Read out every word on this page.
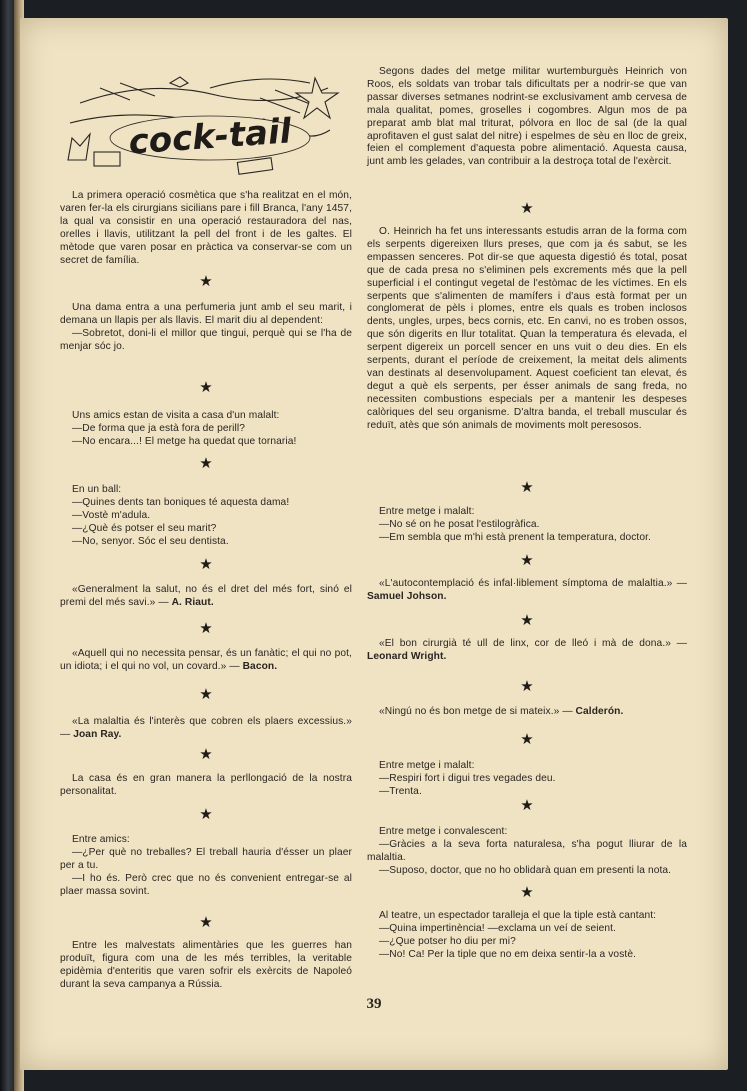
cock-tail

La primera operació cosmètica que s'ha realitzat en el món, varen fer-la els cirurgians sicilians pare i fill Branca, l'any 1457, la qual va consistir en una operació restauradora del nas, orelles i llavis, utilitzant la pell del front i de les galtes. El mètode que varen posar en pràctica va conservar-se com un secret de família.

Una dama entra a una perfumeria junt amb el seu marit, i demana un llapis per als llavis. El marit diu al dependent:

—Sobretot, doni-li el millor que tingui, perquè qui se l'ha de menjar sóc jo.

Uns amics estan de visita a casa d'un malalt:

—De forma que ja està fora de perill?

—No encara...! El metge ha quedat que tornaria!

En un ball:

—Quines dents tan boniques té aquesta dama!

—Vostè m'adula.

—¿Què és potser el seu marit?

—No, senyor. Sóc el seu dentista.

«Generalment la salut, no és el dret del més fort, sinó el premi del més savi.» — A. Riaut.

«Aquell qui no necessita pensar, és un fanàtic; el qui no pot, un idiota; i el qui no vol, un covard.» — Bacon.

«La malaltia és l'interès que cobren els plaers excessius.» — Joan Ray.

La casa és en gran manera la perllongació de la nostra personalitat.

Entre amics:

—¿Per què no treballes? El treball hauria d'ésser un plaer per a tu.

—I ho és. Però crec que no és convenient entregar-se al plaer massa sovint.

Entre les malvestats alimentàries que les guerres han produït, figura com una de les més terribles, la veritable epidèmia d'enteritis que varen sofrir els exèrcits de Napoleó durant la seva campanya a Rússia.

★
★
★
★
★
★
★
★
★

Segons dades del metge militar wurtemburguès Heinrich von Roos, els soldats van trobar tals dificultats per a nodrir-se que van passar diverses setmanes nodrint-se exclusivament amb cervesa de mala qualitat, pomes, groselles i cogombres. Algun mos de pa preparat amb blat mal triturat, pólvora en lloc de sal (de la qual aprofitaven el gust salat del nitre) i espelmes de sèu en lloc de greix, feien el complement d'aquesta pobre alimentació. Aquesta causa, junt amb les gelades, van contribuir a la destroça total de l'exèrcit.

O. Heinrich ha fet uns interessants estudis arran de la forma com els serpents digereixen llurs preses, que com ja és sabut, se les empassen senceres. Pot dir-se que aquesta digestió és total, posat que de cada presa no s'eliminen pels excrements més que la pell superficial i el contingut vegetal de l'estòmac de les víctimes. En els serpents que s'alimenten de mamífers i d'aus està format per un conglomerat de pèls i plomes, entre els quals es troben inclosos dents, ungles, urpes, becs cornis, etc. En canvi, no es troben ossos, que són digerits en llur totalitat. Quan la temperatura és elevada, el serpent digereix un porcell sencer en uns vuit o deu dies. En els serpents, durant el període de creixement, la meitat dels aliments van destinats al desenvolupament. Aquest coeficient tan elevat, és degut a què els serpents, per ésser animals de sang freda, no necessiten combustions especials per a mantenir les despeses calòriques del seu organisme. D'altra banda, el treball muscular és reduït, atès que són animals de moviments molt peresosos.

Entre metge i malalt:

—No sé on he posat l'estilogràfica.

—Em sembla que m'hi està prenent la temperatura, doctor.

«L'autocontemplació és infal·liblement símptoma de malaltia.» — Samuel Johson.

«El bon cirurgià té ull de linx, cor de lleó i mà de dona.» — Leonard Wright.

«Ningú no és bon metge de si mateix.» — Calderón.

Entre metge i malalt:

—Respiri fort i digui tres vegades deu.

—Trenta.

Entre metge i convalescent:

—Gràcies a la seva forta naturalesa, s'ha pogut lliurar de la malaltia.

—Suposo, doctor, que no ho oblidarà quan em presenti la nota.

Al teatre, un espectador taralleja el que la tiple està cantant:

—Quina impertinència! —exclama un veí de seient.

—¿Que potser ho diu per mi?

—No! Ca! Per la tiple que no em deixa sentir-la a vostè.

★
★
★
★
★
★
★
★
39
